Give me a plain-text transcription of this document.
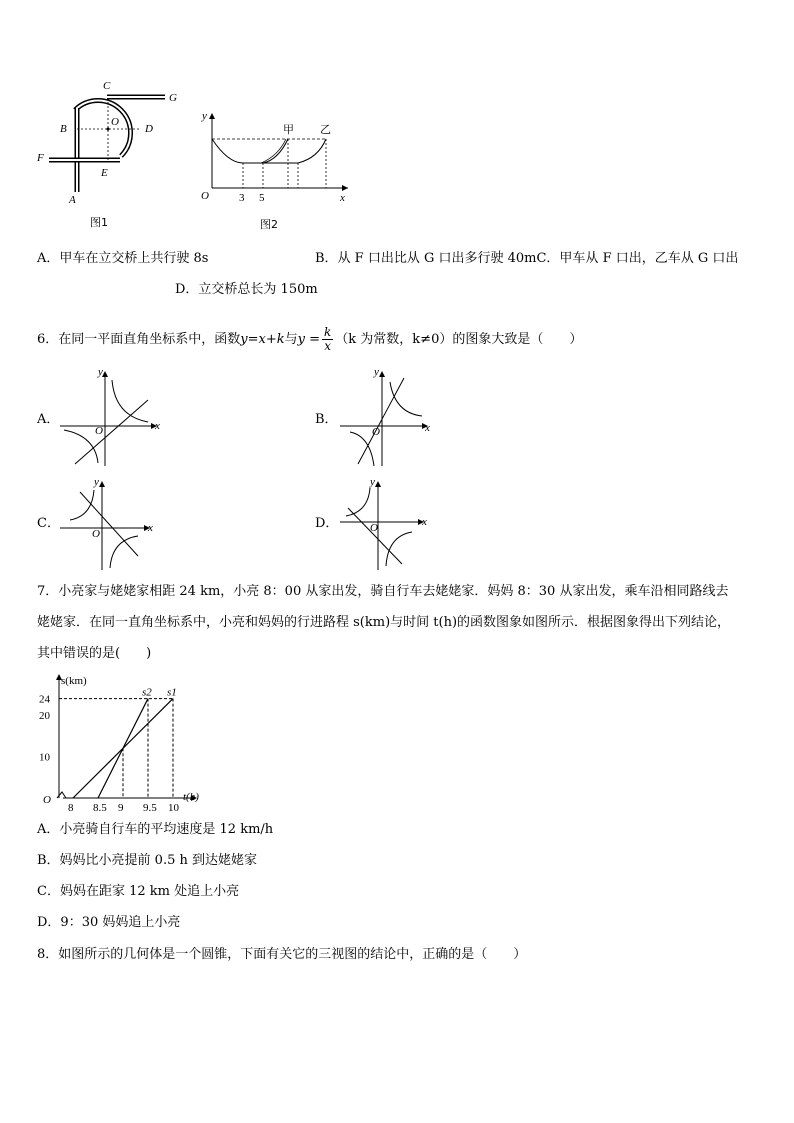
C
G
O
B	D
F
E
A
图1
y
x
O
甲 乙
3 5
图2
A．甲车在立交桥上共行驶 8s	B．从 F 口出比从 G 口出多行驶 40mC．甲车从 F 口出，乙车从 G 口出
D．立交桥总长为 150m
6．在同一平面直角坐标系中，函数y=x+k与$y = \frac{k}{x} (k$ 为常数，k≠0）的图象大致是（　　）
A．	B．
C．	D．
y
x
O
y
x
O
y
x
O
y
x
O
7．小亮家与姥姥家相距 24 km，小亮 8：00 从家出发，骑自行车去姥姥家．妈妈 8：30 从家出发，乘车沿相同路线去
姥姥家．在同一直角坐标系中，小亮和妈妈的行进路程 s(km)与时间 t(h)的函数图象如图所示．根据图象得出下列结论，
其中错误的是(　　)
s(km)
t(h)
O
8 8.5 9 9.5 10
10
20
24
s1
s2
A．小亮骑自行车的平均速度是 12 km/h
B．妈妈比小亮提前 0.5 h 到达姥姥家
C．妈妈在距家 12 km 处追上小亮
D．9：30 妈妈追上小亮
8．如图所示的几何体是一个圆锥，下面有关它的三视图的结论中，正确的是（　　）
